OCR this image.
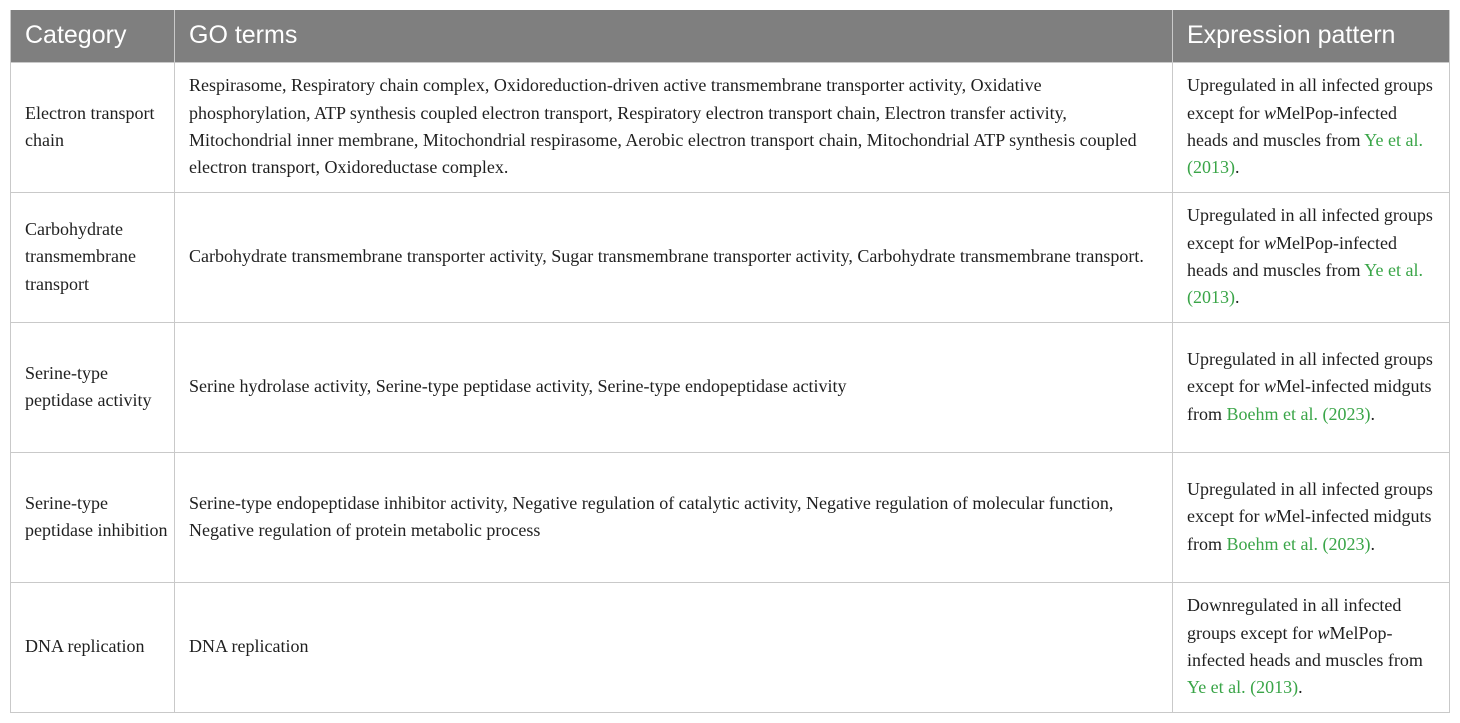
Category	GO terms	Expression pattern
Electron transport chain	Respirasome, Respiratory chain complex, Oxidoreduction-driven active transmembrane transporter activity, Oxidative phosphorylation, ATP synthesis coupled electron transport, Respiratory electron transport chain, Electron transfer activity, Mitochondrial inner membrane, Mitochondrial respirasome, Aerobic electron transport chain, Mitochondrial ATP synthesis coupled electron transport, Oxidoreductase complex.	Upregulated in all infected groups except for wMelPop-infected heads and muscles from Ye et al. (2013).
Carbohydrate transmembrane transport	Carbohydrate transmembrane transporter activity, Sugar transmembrane transporter activity, Carbohydrate transmembrane transport.	Upregulated in all infected groups except for wMelPop-infected heads and muscles from Ye et al. (2013).
Serine-type peptidase activity	Serine hydrolase activity, Serine-type peptidase activity, Serine-type endopeptidase activity	Upregulated in all infected groups except for wMel-infected midguts from Boehm et al. (2023).
Serine-type peptidase inhibition	Serine-type endopeptidase inhibitor activity, Negative regulation of catalytic activity, Negative regulation of molecular function, Negative regulation of protein metabolic process	Upregulated in all infected groups except for wMel-infected midguts from Boehm et al. (2023).
DNA replication	DNA replication	Downregulated in all infected groups except for wMelPop-infected heads and muscles from Ye et al. (2013).
